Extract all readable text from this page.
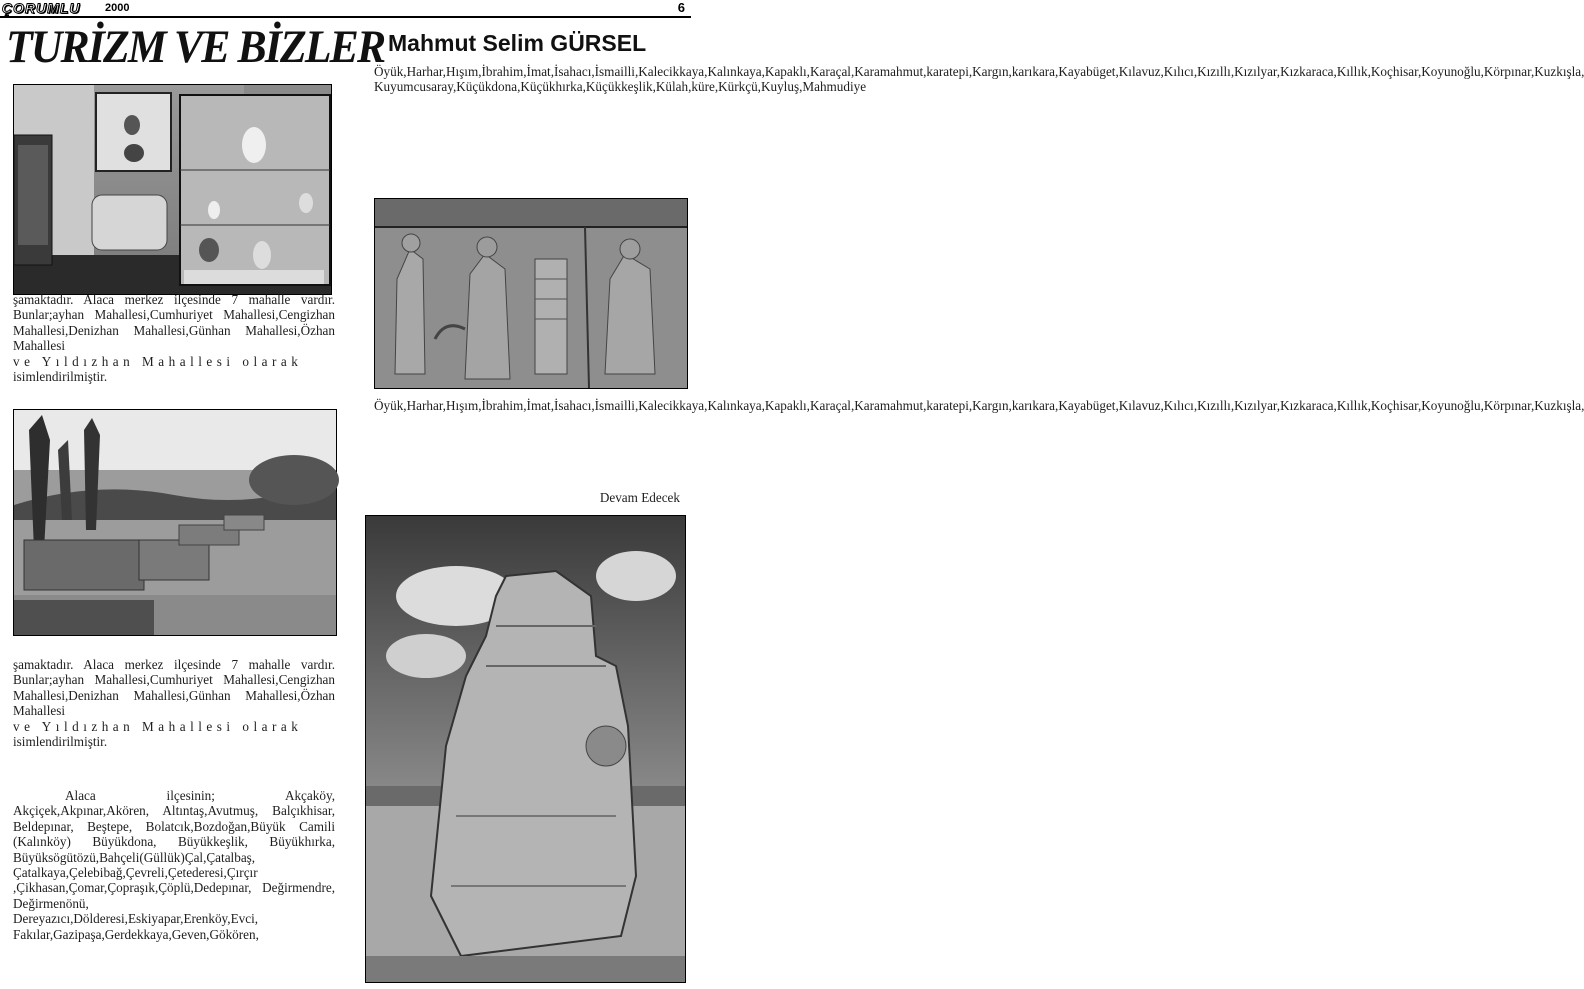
ÇORUMLU 2000	6
TURİZM VE BİZLER Mahmut Selim GÜRSEL

şamaktadır. Alaca merkez ilçesinde 7 mahalle vardır. Bunlar;ayhan Mahallesi,Cumhuriyet Mahallesi,Cengizhan Mahallesi,Denizhan Mahallesi,Günhan Mahallesi,Özhan Mahallesi

ve Yıldızhan Mahallesi olarak

isimlendirilmiştir.

şamaktadır. Alaca merkez ilçesinde 7 mahalle vardır. Bunlar;ayhan Mahallesi,Cumhuriyet Mahallesi,Cengizhan Mahallesi,Denizhan Mahallesi,Günhan Mahallesi,Özhan Mahallesi

ve Yıldızhan Mahallesi olarak

isimlendirilmiştir.

Alaca ilçesinin; Akçaköy, Akçiçek,Akpınar,Akören, Altıntaş,Avutmuş, Balçıkhisar, Beldepınar, Beştepe, Bolatcık,Bozdoğan,Büyük Camili (Kalınköy) Büyükdona, Büyükkeşlik, Büyükhırka, Büyüksögütözü,Bahçeli(Güllük)Çal,Çatalbaş, Çatalkaya,Çelebibağ,Çevreli,Çetederesi,Çırçır ,Çikhasan,Çomar,Çopraşık,Çöplü,Dedepınar, Değirmendre, Değirmenönü, Dereyazıcı,Dölderesi,Eskiyapar,Erenköy,Evci, Fakılar,Gazipaşa,Gerdekkaya,Geven,Gökören,
Öyük,Harhar,Hışım,İbrahim,İmat,İsahacı,İsmailli,Kalecikkaya,Kalınkaya,Kapaklı,Karaçal,Karamahmut,karatepi,Kargın,karıkara,Kayabüget,Kılavuz,Kılıcı,Kızıllı,Kızılyar,Kızkaraca,Kıllık,Koçhisar,Koyunoğlu,Körpınar,Kuzkışla, Kuyumcusaray,Küçükdona,Küçükhırka,Küçükkeşlik,Külah,küre,Kürkçü,Kuyluş,Mahmudiye
Öyük,Harhar,Hışım,İbrahim,İmat,İsahacı,İsmailli,Kalecikkaya,Kalınkaya,Kapaklı,Karaçal,Karamahmut,karatepi,Kargın,karıkara,Kayabüget,Kılavuz,Kılıcı,Kızıllı,Kızılyar,Kızkaraca,Kıllık,Koçhisar,Koyunoğlu,Körpınar,Kuzkışla,
Devam Edecek
